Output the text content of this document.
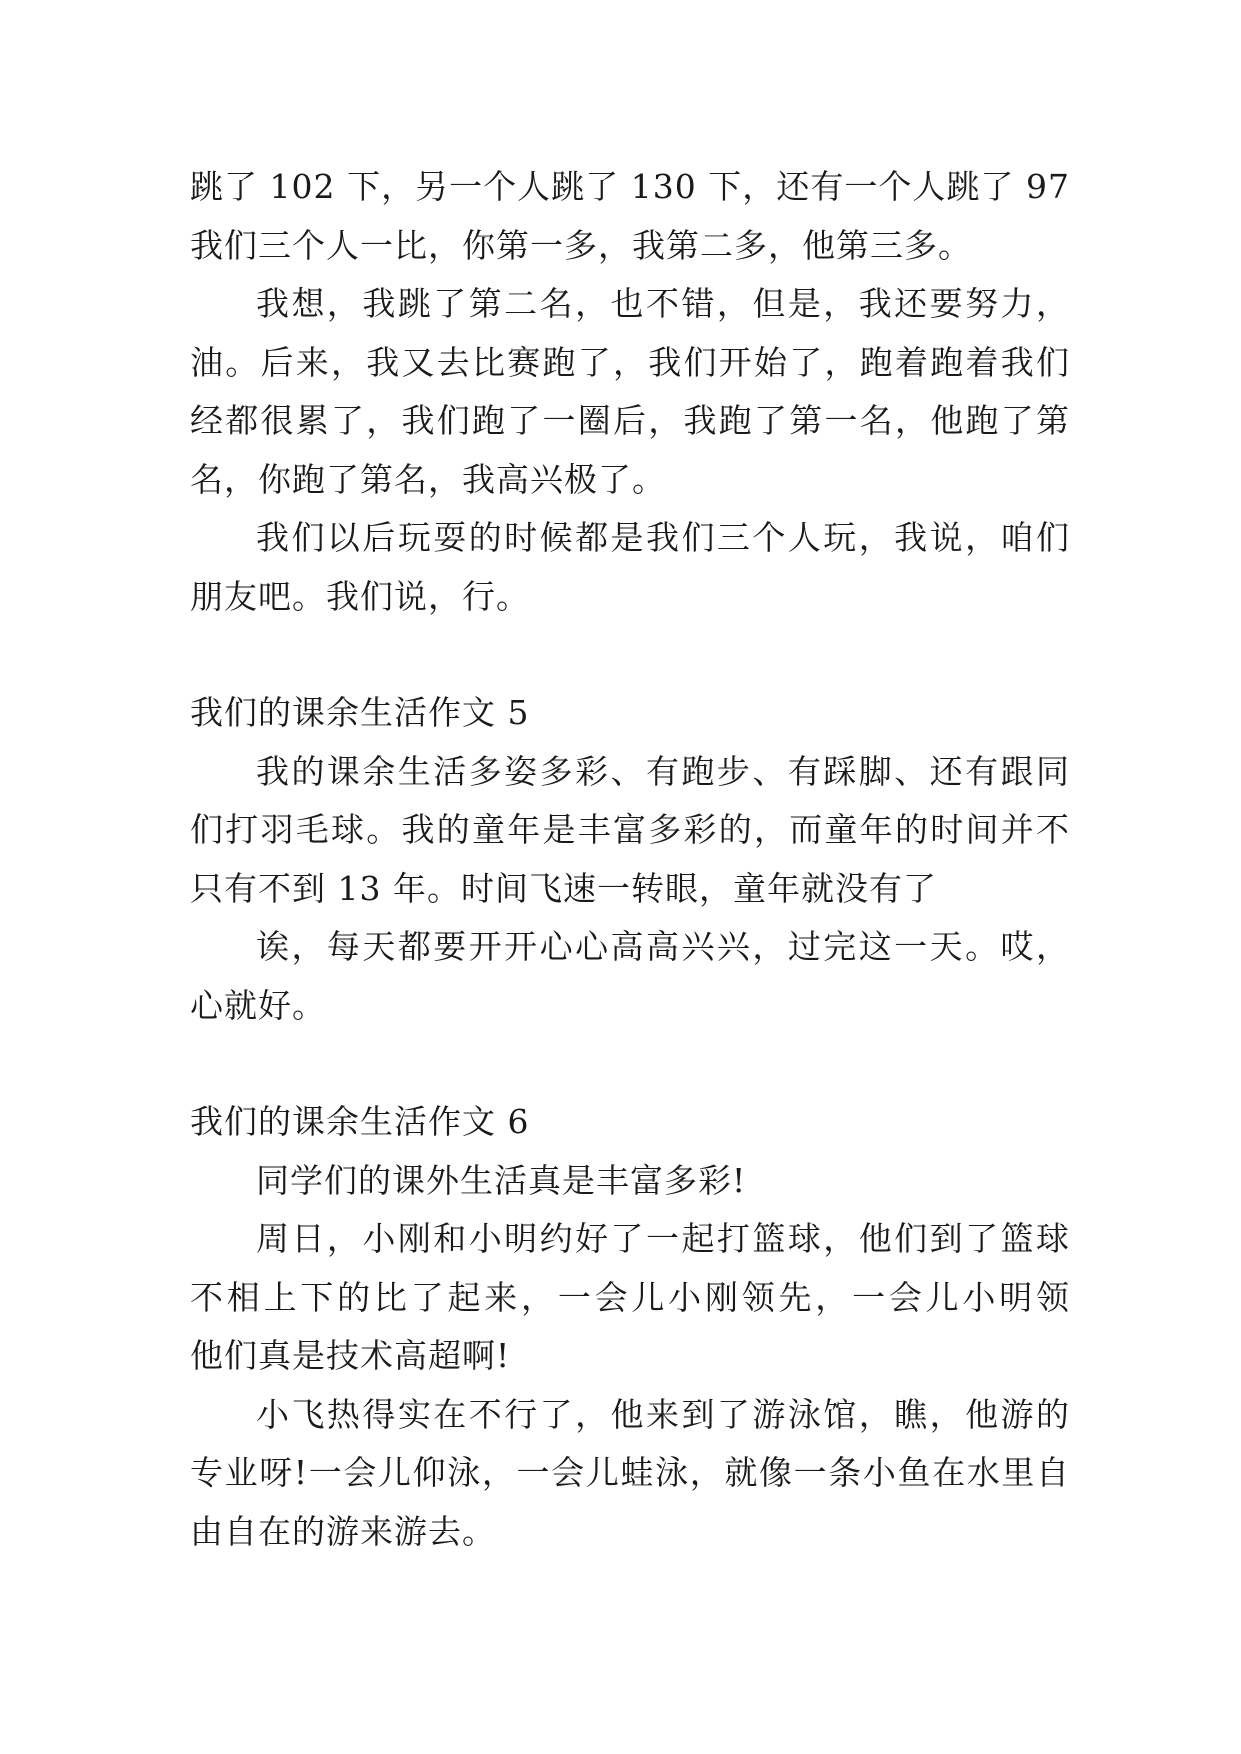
跳了 102 下，另一个人跳了 130 下，还有一个人跳了 97
我们三个人一比，你第一多，我第二多，他第三多。
我想，我跳了第二名，也不错，但是，我还要努力，
油。后来，我又去比赛跑了，我们开始了，跑着跑着我们
经都很累了，我们跑了一圈后，我跑了第一名，他跑了第
名，你跑了第名，我高兴极了。
我们以后玩耍的时候都是我们三个人玩，我说，咱们
朋友吧。我们说，行。
我们的课余生活作文 5
我的课余生活多姿多彩、有跑步、有踩脚、还有跟同
们打羽毛球。我的童年是丰富多彩的，而童年的时间并不
只有不到 13 年。时间飞速一转眼，童年就没有了
诶，每天都要开开心心高高兴兴，过完这一天。哎，
心就好。
我们的课余生活作文 6
同学们的课外生活真是丰富多彩!
周日，小刚和小明约好了一起打篮球，他们到了篮球
不相上下的比了起来，一会儿小刚领先，一会儿小明领
他们真是技术高超啊!
小飞热得实在不行了，他来到了游泳馆，瞧，他游的
专业呀!一会儿仰泳，一会儿蛙泳，就像一条小鱼在水里自
由自在的游来游去。
